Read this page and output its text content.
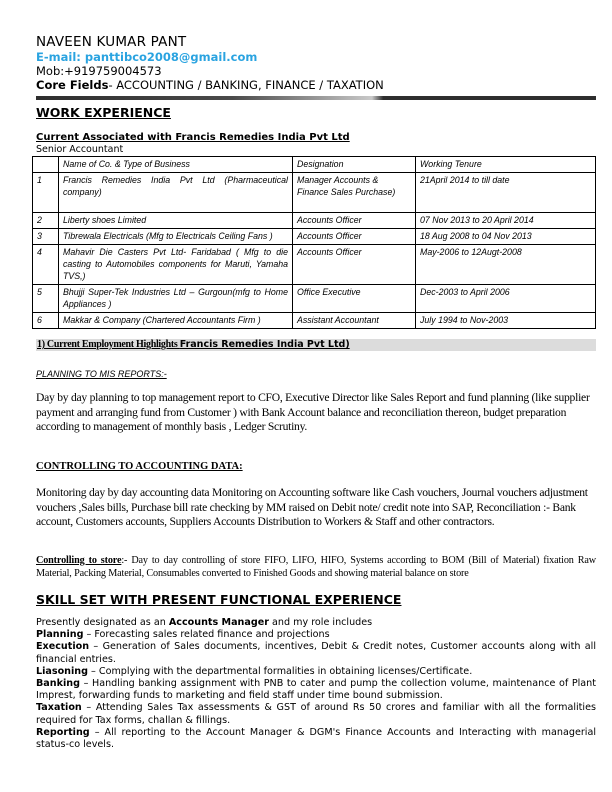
NAVEEN KUMAR PANT
E-mail: panttibco2008@gmail.com
Mob:+919759004573
Core Fields- ACCOUNTING / BANKING, FINANCE / TAXATION
WORK EXPERIENCE
Current Associated with Francis Remedies India Pvt Ltd
Senior Accountant
	Name of Co. & Type of Business	Designation	Working Tenure
1	Francis Remedies India Pvt Ltd (Pharmaceutical company)	Manager Accounts & Finance Sales Purchase)	21April 2014 to till date
2	Liberty shoes Limited	Accounts Officer	07 Nov 2013 to 20 April 2014
3	Tibrewala Electricals (Mfg to Electricals Ceiling Fans )	Accounts Officer	18 Aug 2008 to 04 Nov 2013
4	Mahavir Die Casters Pvt Ltd- Faridabad ( Mfg to die casting to Automobiles components for Maruti, Yamaha TVS,)	Accounts Officer	May-2006 to 12Augt-2008
5	Bhujji Super-Tek Industries Ltd – Gurgoun(mfg to Home Appliances )	Office Executive	Dec-2003 to April 2006
6	Makkar & Company (Chartered Accountants Firm )	Assistant Accountant	July 1994 to Nov-2003
1) Current Employment Highlights Francis Remedies India Pvt Ltd)
PLANNING TO MIS REPORTS:-
Day by day planning to top management report to CFO, Executive Director like Sales Report and fund planning (like supplier payment and arranging fund from Customer ) with Bank Account balance and reconciliation thereon, budget preparation according to management of monthly basis , Ledger Scrutiny.
CONTROLLING TO ACCOUNTING DATA:
Monitoring day by day accounting data Monitoring on Accounting software like Cash vouchers, Journal vouchers adjustment vouchers ,Sales bills, Purchase bill rate checking by MM raised on Debit note/ credit note into SAP, Reconciliation :- Bank account, Customers accounts, Suppliers Accounts Distribution to Workers & Staff and other contractors.
Controlling to store:- Day to day controlling of store FIFO, LIFO, HIFO, Systems according to BOM (Bill of Material) fixation Raw Material, Packing Material, Consumables converted to Finished Goods and showing material balance on store
SKILL SET WITH PRESENT FUNCTIONAL EXPERIENCE

Presently designated as an Accounts Manager and my role includes

Planning – Forecasting sales related finance and projections

Execution – Generation of Sales documents, incentives, Debit & Credit notes, Customer accounts along with all financial entries.

Liasoning – Complying with the departmental formalities in obtaining licenses/Certificate.

Banking – Handling banking assignment with PNB to cater and pump the collection volume, maintenance of Plant Imprest, forwarding funds to marketing and field staff under time bound submission.

Taxation – Attending Sales Tax assessments & GST of around Rs 50 crores and familiar with all the formalities required for Tax forms, challan & fillings.

Reporting – All reporting to the Account Manager & DGM's Finance Accounts and Interacting with managerial status-co levels.
